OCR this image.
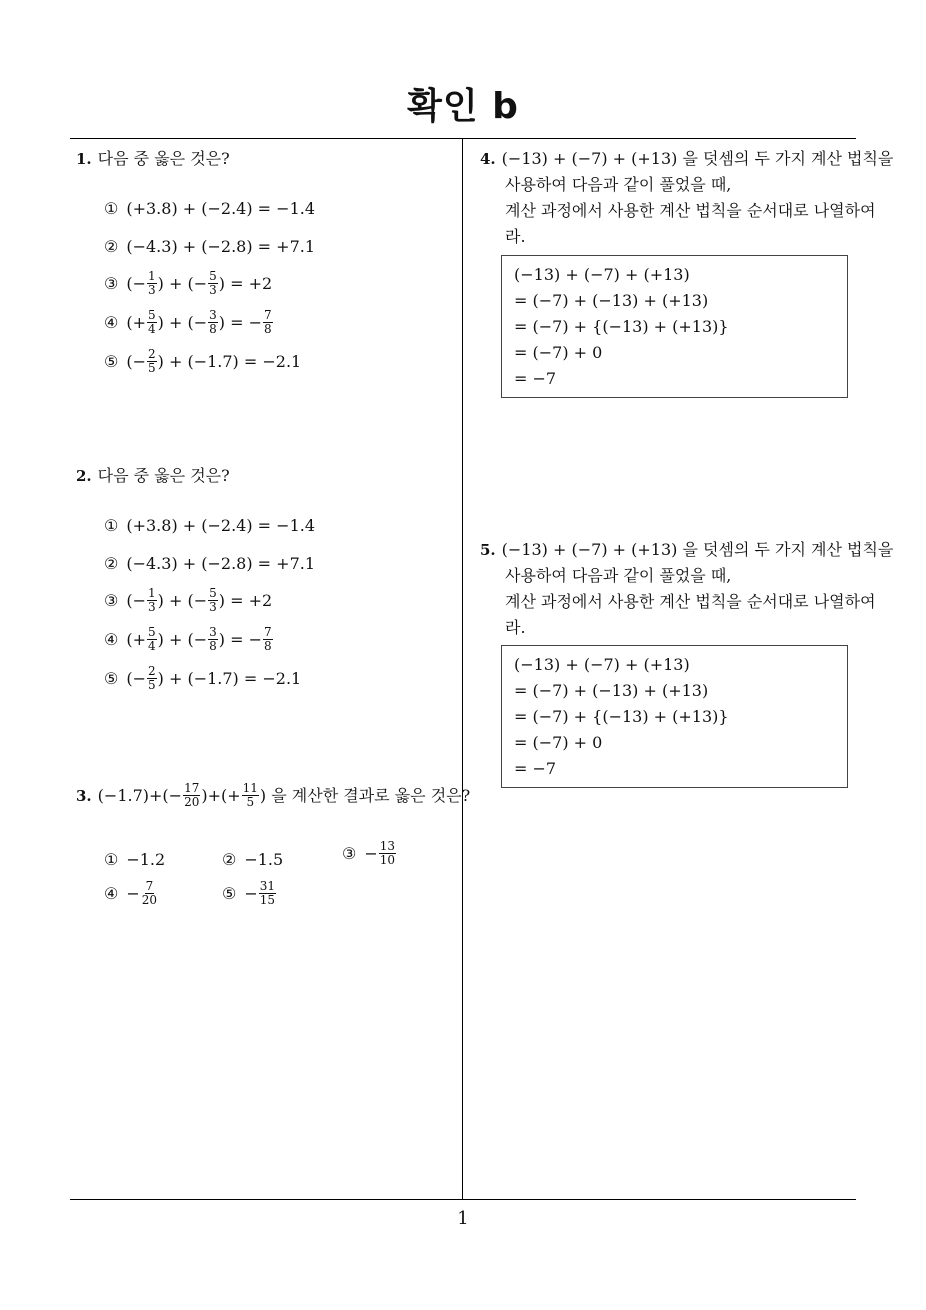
확인 b
1. 다음 중 옳은 것은?
① (+3.8) + (−2.4) = −1.4
② (−4.3) + (−2.8) = +7.1
③ (− $\frac{1}{3}$ ) + (− $\frac{5}{3}$ ) = +2
④ (+ $\frac{5}{4}$ ) + (− $\frac{3}{8}$ ) = − $\frac{7}{8}$
⑤ (− $\frac{2}{5}$ ) + (−1.7) = −2.1
2. 다음 중 옳은 것은?
① (+3.8) + (−2.4) = −1.4
② (−4.3) + (−2.8) = +7.1
③ (− $\frac{1}{3}$ ) + (− $\frac{5}{3}$ ) = +2
④ (+ $\frac{5}{4}$ ) + (− $\frac{3}{8}$ ) = − $\frac{7}{8}$
⑤ (− $\frac{2}{5}$ ) + (−1.7) = −2.1
3. $(-1.7)+(- \frac{17}{20}$ )+(+ $\frac{11}{5}$ ) 을 계산한 결과로 옳은 것은?
① −1.2	② −1.5	③ − $\frac{13}{10}$
④ − $\frac{7}{20}$	⑤ − $\frac{31}{15}$
4. (−13) + (−7) + (+13) 을 덧셈의 두 가지 계산 법칙을
사용하여 다음과 같이 풀었을 때,
계산 과정에서 사용한 계산 법칙을 순서대로 나열하여
라.
(−13) + (−7) + (+13)
= (−7) + (−13) + (+13)
= (−7) + {(−13) + (+13)}
= (−7) + 0
= −7
5. (−13) + (−7) + (+13) 을 덧셈의 두 가지 계산 법칙을
사용하여 다음과 같이 풀었을 때,
계산 과정에서 사용한 계산 법칙을 순서대로 나열하여
라.
(−13) + (−7) + (+13)
= (−7) + (−13) + (+13)
= (−7) + {(−13) + (+13)}
= (−7) + 0
= −7
1
